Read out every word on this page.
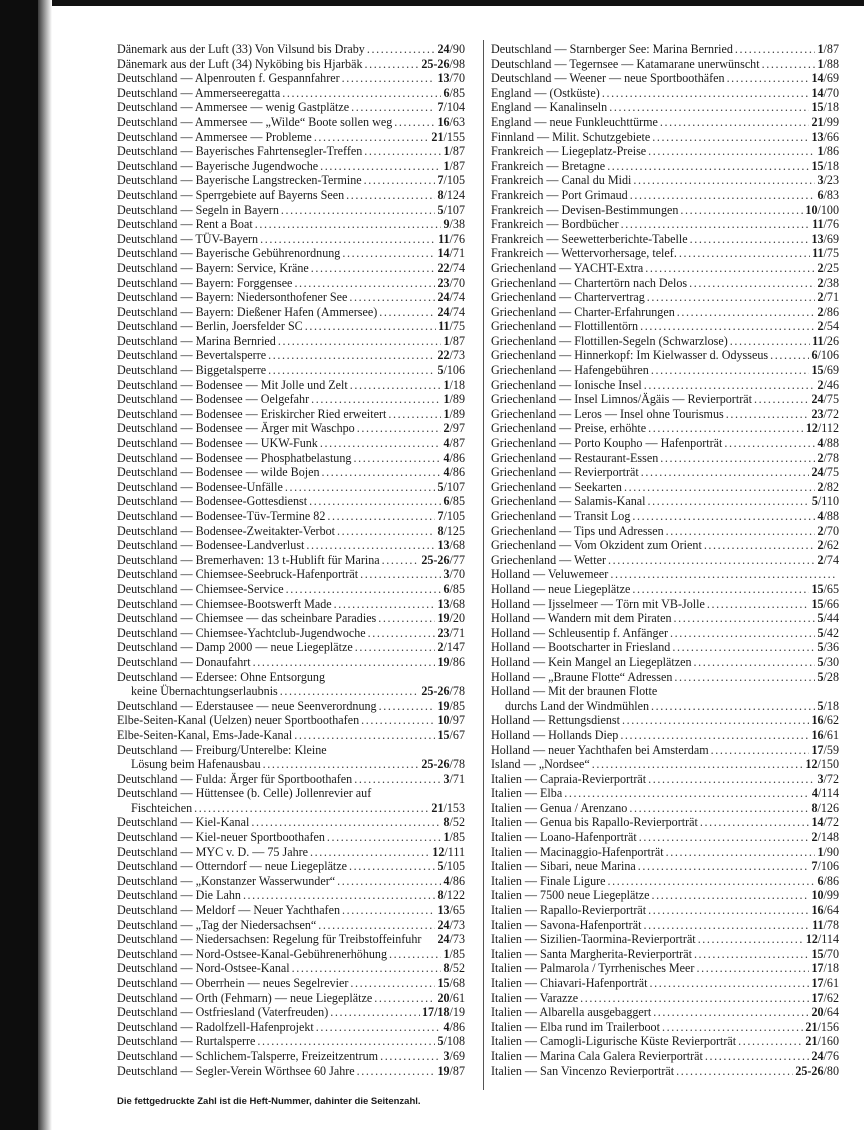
Dänemark aus der Luft (33) Von Vilsund bis Draby .....	24/90
Dänemark aus der Luft (34) Nyköbing bis Hjarbäk .....	25-26/98
Deutschland — Alpenrouten f. Gespannfahrer .....	13/70
Deutschland — Ammerseeregatta .....	6/85
Deutschland — Ammersee — wenig Gastplätze .....	7/104
Deutschland — Ammersee — „Wilde“ Boote sollen weg .....	16/63
Deutschland — Ammersee — Probleme .....	21/155
Deutschland — Bayerisches Fahrtensegler-Treffen .....	1/87
Deutschland — Bayerische Jugendwoche .....	1/87
Deutschland — Bayerische Langstrecken-Termine .....	7/105
Deutschland — Sperrgebiete auf Bayerns Seen .....	8/124
Deutschland — Segeln in Bayern .....	5/107
Deutschland — Rent a Boat .....	9/38
Deutschland — TÜV-Bayern .....	11/76
Deutschland — Bayerische Gebührenordnung .....	14/71
Deutschland — Bayern: Service, Kräne .....	22/74
Deutschland — Bayern: Forggensee .....	23/70
Deutschland — Bayern: Niedersonthofener See .....	24/74
Deutschland — Bayern: Dießener Hafen (Ammersee) .....	24/74
Deutschland — Berlin, Joersfelder SC .....	11/75
Deutschland — Marina Bernried .....	1/87
Deutschland — Bevertalsperre .....	22/73
Deutschland — Biggetalsperre .....	5/106
Deutschland — Bodensee — Mit Jolle und Zelt .....	1/18
Deutschland — Bodensee — Oelgefahr .....	1/89
Deutschland — Bodensee — Eriskircher Ried erweitert .....	1/89
Deutschland — Bodensee — Ärger mit Waschpo .....	2/97
Deutschland — Bodensee — UKW-Funk .....	4/87
Deutschland — Bodensee — Phosphatbelastung .....	4/86
Deutschland — Bodensee — wilde Bojen .....	4/86
Deutschland — Bodensee-Unfälle .....	5/107
Deutschland — Bodensee-Gottesdienst .....	6/85
Deutschland — Bodensee-Tüv-Termine 82 .....	7/105
Deutschland — Bodensee-Zweitakter-Verbot .....	8/125
Deutschland — Bodensee-Landverlust .....	13/68
Deutschland — Bremerhaven: 13 t-Hublift für Marina .....	25-26/77
Deutschland — Chiemsee-Seebruck-Hafenporträt .....	3/70
Deutschland — Chiemsee-Service .....	6/85
Deutschland — Chiemsee-Bootswerft Made .....	13/68
Deutschland — Chiemsee — das scheinbare Paradies .....	19/20
Deutschland — Chiemsee-Yachtclub-Jugendwoche .....	23/71
Deutschland — Damp 2000 — neue Liegeplätze .....	2/147
Deutschland — Donaufahrt .....	19/86
Deutschland — Edersee: Ohne Entsorgung
keine Übernachtungserlaubnis .....	25-26/78
Deutschland — Ederstausee — neue Seenverordnung .....	19/85
Elbe-Seiten-Kanal (Uelzen) neuer Sportboothafen .....	10/97
Elbe-Seiten-Kanal, Ems-Jade-Kanal .....	15/67
Deutschland — Freiburg/Unterelbe: Kleine
Lösung beim Hafenausbau .....	25-26/78
Deutschland — Fulda: Ärger für Sportboothafen .....	3/71
Deutschland — Hüttensee (b. Celle) Jollenrevier auf
Fischteichen .....	21/153
Deutschland — Kiel-Kanal .....	8/52
Deutschland — Kiel-neuer Sportboothafen .....	1/85
Deutschland — MYC v. D. — 75 Jahre .....	12/111
Deutschland — Otterndorf — neue Liegeplätze .....	5/105
Deutschland — „Konstanzer Wasserwunder“ .....	4/86
Deutschland — Die Lahn .....	8/122
Deutschland — Meldorf — Neuer Yachthafen .....	13/65
Deutschland — „Tag der Niedersachsen“ .....	24/73
Deutschland — Niedersachsen: Regelung für Treibstoffeinfuhr 24/73
Deutschland — Nord-Ostsee-Kanal-Gebührenerhöhung .....	1/85
Deutschland — Nord-Ostsee-Kanal .....	8/52
Deutschland — Oberrhein — neues Segelrevier .....	15/68
Deutschland — Orth (Fehmarn) — neue Liegeplätze .....	20/61
Deutschland — Ostfriesland (Vaterfreuden) .....	17/18/19
Deutschland — Radolfzell-Hafenprojekt .....	4/86
Deutschland — Rurtalsperre .....	5/108
Deutschland — Schlichem-Talsperre, Freizeitzentrum .....	3/69
Deutschland — Segler-Verein Wörthsee 60 Jahre .....	19/87
Deutschland — Starnberger See: Marina Bernried .....	1/87
Deutschland — Tegernsee — Katamarane unerwünscht .....	1/88
Deutschland — Weener — neue Sportboothäfen .....	14/69
England — (Ostküste) .....	14/70
England — Kanalinseln .....	15/18
England — neue Funkleuchttürme .....	21/99
Finnland — Milit. Schutzgebiete .....	13/66
Frankreich — Liegeplatz-Preise .....	1/86
Frankreich — Bretagne .....	15/18
Frankreich — Canal du Midi .....	3/23
Frankreich — Port Grimaud .....	6/83
Frankreich — Devisen-Bestimmungen .....	10/100
Frankreich — Bordbücher .....	11/76
Frankreich — Seewetterberichte-Tabelle .....	13/69
Frankreich — Wettervorhersage, telef. .....	11/75
Griechenland — YACHT-Extra .....	2/25
Griechenland — Chartertörn nach Delos .....	2/38
Griechenland — Chartervertrag .....	2/71
Griechenland — Charter-Erfahrungen .....	2/86
Griechenland — Flottillentörn .....	2/54
Griechenland — Flottillen-Segeln (Schwarzlose) .....	11/26
Griechenland — Hinnerkopf: Im Kielwasser d. Odysseus .....	6/106
Griechenland — Hafengebühren .....	15/69
Griechenland — Ionische Insel .....	2/46
Griechenland — Insel Limnos/Ägäis — Revierporträt .....	24/75
Griechenland — Leros — Insel ohne Tourismus .....	23/72
Griechenland — Preise, erhöhte .....	12/112
Griechenland — Porto Koupho — Hafenporträt .....	4/88
Griechenland — Restaurant-Essen .....	2/78
Griechenland — Revierporträt .....	24/75
Griechenland — Seekarten .....	2/82
Griechenland — Salamis-Kanal .....	5/110
Griechenland — Transit Log .....	4/88
Griechenland — Tips und Adressen .....	2/70
Griechenland — Vom Okzident zum Orient .....	2/62
Griechenland — Wetter .....	2/74
Holland — Veluwemeer
.....
Holland — neue Liegeplätze .....	15/65
Holland — Ijsselmeer — Törn mit VB-Jolle .....	15/66
Holland — Wandern mit dem Piraten .....	5/44
Holland — Schleusentip f. Anfänger .....	5/42
Holland — Bootscharter in Friesland .....	5/36
Holland — Kein Mangel an Liegeplätzen .....	5/30
Holland — „Braune Flotte“ Adressen .....	5/28
Holland — Mit der braunen Flotte
durchs Land der Windmühlen .....	5/18
Holland — Rettungsdienst .....	16/62
Holland — Hollands Diep .....	16/61
Holland — neuer Yachthafen bei Amsterdam .....	17/59
Island — „Nordsee“ .....	12/150
Italien — Capraia-Revierporträt .....	3/72
Italien — Elba .....	4/114
Italien — Genua / Arenzano .....	8/126
Italien — Genua bis Rapallo-Revierporträt .....	14/72
Italien — Loano-Hafenporträt .....	2/148
Italien — Macinaggio-Hafenporträt .....	1/90
Italien — Sibari, neue Marina .....	7/106
Italien — Finale Ligure .....	6/86
Italien — 7500 neue Liegeplätze .....	10/99
Italien — Rapallo-Revierporträt .....	16/64
Italien — Savona-Hafenporträt .....	11/78
Italien — Sizilien-Taormina-Revierporträt .....	12/114
Italien — Santa Margherita-Revierporträt .....	15/70
Italien — Palmarola / Tyrrhenisches Meer .....	17/18
Italien — Chiavari-Hafenporträt .....	17/61
Italien — Varazze .....	17/62
Italien — Albarella ausgebaggert .....	20/64
Italien — Elba rund im Trailerboot .....	21/156
Italien — Camogli-Ligurische Küste Revierporträt .....	21/160
Italien — Marina Cala Galera Revierporträt .....	24/76
Italien — San Vincenzo Revierporträt .....	25-26/80
Die fettgedruckte Zahl ist die Heft-Nummer, dahinter die Seitenzahl.
